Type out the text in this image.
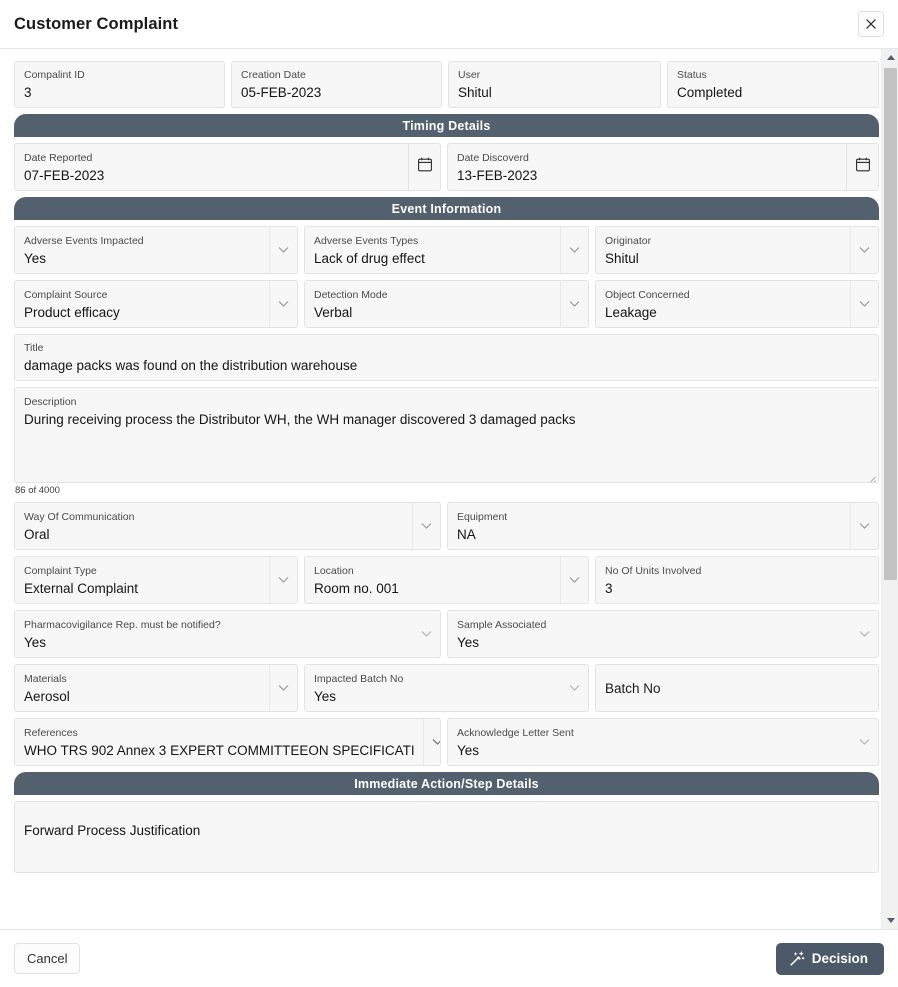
Customer Complaint
Compalint ID
3
Creation Date
05-FEB-2023
User
Shitul
Status
Completed
Timing Details
Date Reported
07-FEB-2023
Date Discoverd
13-FEB-2023
Event Information
Adverse Events Impacted
Yes
Adverse Events Types
Lack of drug effect
Originator
Shitul
Complaint Source
Product efficacy
Detection Mode
Verbal
Object Concerned
Leakage
Title
damage packs was found on the distribution warehouse
Description
During receiving process the Distributor WH, the WH manager discovered 3 damaged packs
86 of 4000
Way Of Communication
Oral
Equipment
NA
Complaint Type
External Complaint
Location
Room no. 001
No Of Units Involved
3
Pharmacovigilance Rep. must be notified?
Yes
Sample Associated
Yes
Materials
Aerosol
Impacted Batch No
Yes
Batch No
References
WHO TRS 902 Annex 3 EXPERT COMMITTEEON SPECIFICATI
Acknowledge Letter Sent
Yes
Immediate Action/Step Details
Forward Process Justification
Cancel	Decision
